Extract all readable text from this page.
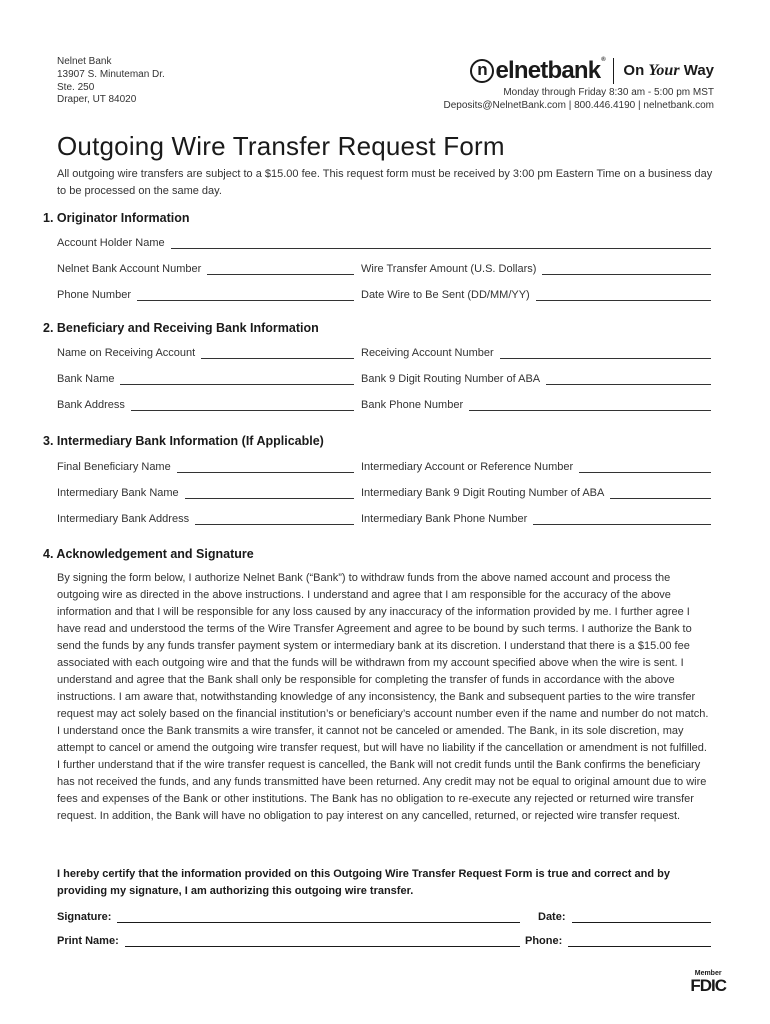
Nelnet Bank
13907 S. Minuteman Dr.
Ste. 250
Draper, UT 84020
n elnetbank®
On Your Way
Monday through Friday 8:30 am - 5:00 pm MST
Deposits@NelnetBank.com | 800.446.4190 | nelnetbank.com
Outgoing Wire Transfer Request Form
All outgoing wire transfers are subject to a $15.00 fee. This request form must be received by 3:00 pm Eastern Time on a business day to be processed on the same day.
1. Originator Information
Account Holder Name
Nelnet Bank Account Number	Wire Transfer Amount (U.S. Dollars)
Phone Number	Date Wire to Be Sent (DD/MM/YY)
2. Beneficiary and Receiving Bank Information
Name on Receiving Account	Receiving Account Number
Bank Name	Bank 9 Digit Routing Number of ABA
Bank Address	Bank Phone Number
3. Intermediary Bank Information (If Applicable)
Final Beneficiary Name	Intermediary Account or Reference Number
Intermediary Bank Name	Intermediary Bank 9 Digit Routing Number of ABA
Intermediary Bank Address	Intermediary Bank Phone Number
4. Acknowledgement and Signature
By signing the form below, I authorize Nelnet Bank (“Bank”) to withdraw funds from the above named account and process the outgoing wire as directed in the above instructions. I understand and agree that I am responsible for the accuracy of the above information and that I will be responsible for any loss caused by any inaccuracy of the information provided by me. I further agree I have read and understood the terms of the Wire Transfer Agreement and agree to be bound by such terms. I authorize the Bank to send the funds by any funds transfer payment system or intermediary bank at its discretion. I understand that there is a $15.00 fee associated with each outgoing wire and that the funds will be withdrawn from my account specified above when the wire is sent. I understand and agree that the Bank shall only be responsible for completing the transfer of funds in accordance with the above instructions. I am aware that, notwithstanding knowledge of any inconsistency, the Bank and subsequent parties to the wire transfer request may act solely based on the financial institution’s or beneficiary’s account number even if the name and number do not match. I understand once the Bank transmits a wire transfer, it cannot not be canceled or amended. The Bank, in its sole discretion, may attempt to cancel or amend the outgoing wire transfer request, but will have no liability if the cancellation or amendment is not fulfilled. I further understand that if the wire transfer request is cancelled, the Bank will not credit funds until the Bank confirms the beneficiary has not received the funds, and any funds transmitted have been returned. Any credit may not be equal to original amount due to wire fees and expenses of the Bank or other institutions. The Bank has no obligation to re-execute any rejected or returned wire transfer request. In addition, the Bank will have no obligation to pay interest on any cancelled, returned, or rejected wire transfer request.
I hereby certify that the information provided on this Outgoing Wire Transfer Request Form is true and correct and by providing my signature, I am authorizing this outgoing wire transfer.
Signature:	Date:
Print Name:	Phone:
Member
FDIC
